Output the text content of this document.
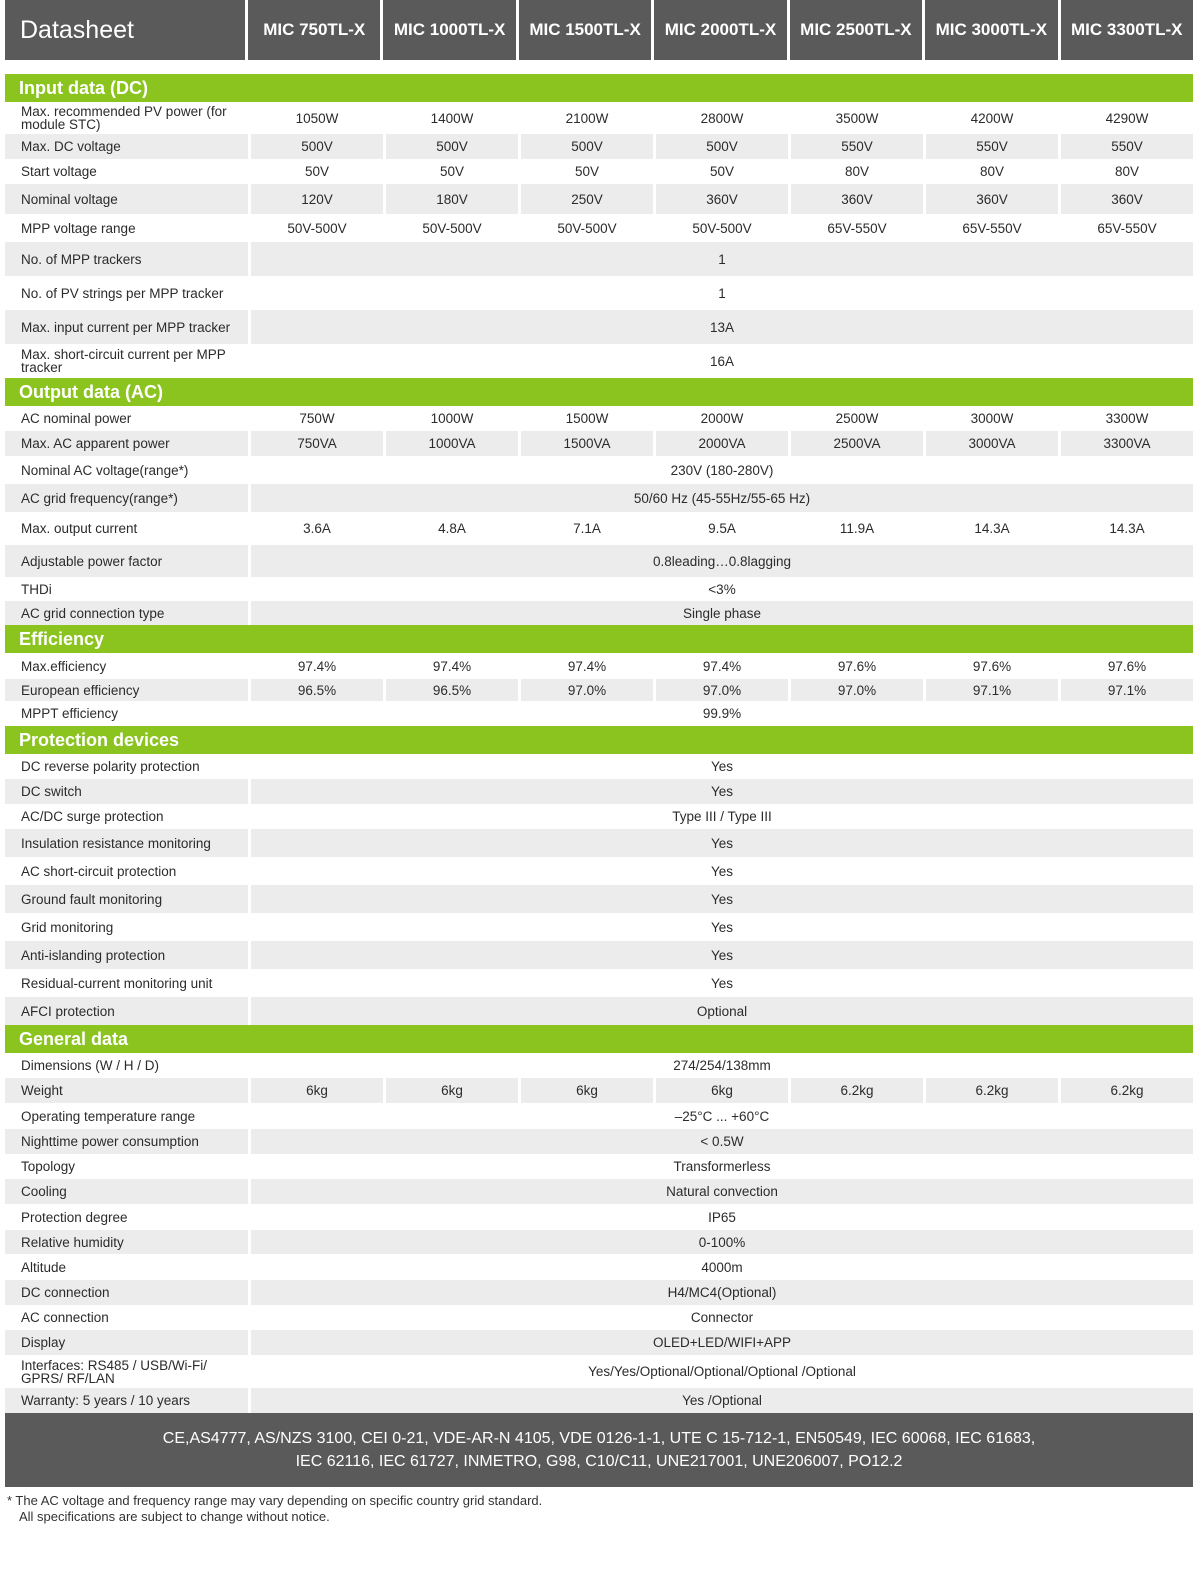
Datasheet	MIC 750TL-X	MIC 1000TL-X	MIC 1500TL-X	MIC 2000TL-X	MIC 2500TL-X	MIC 3000TL-X	MIC 3300TL-X
Input data (DC)
Max. recommended PV power (for module STC)	1050W	1400W	2100W	2800W	3500W	4200W	4290W
Max. DC voltage	500V	500V	500V	500V	550V	550V	550V
Start voltage	50V	50V	50V	50V	80V	80V	80V
Nominal voltage	120V	180V	250V	360V	360V	360V	360V
MPP voltage range	50V-500V	50V-500V	50V-500V	50V-500V	65V-550V	65V-550V	65V-550V
No. of MPP trackers	1
No. of PV strings per MPP tracker	1
Max. input current per MPP tracker	13A
Max. short-circuit current per MPP tracker	16A
Output data (AC)
AC nominal power	750W	1000W	1500W	2000W	2500W	3000W	3300W
Max. AC apparent power	750VA	1000VA	1500VA	2000VA	2500VA	3000VA	3300VA
Nominal AC voltage(range*)	230V (180-280V)
AC grid frequency(range*)	50/60 Hz (45-55Hz/55-65 Hz)
Max. output current	3.6A	4.8A	7.1A	9.5A	11.9A	14.3A	14.3A
Adjustable power factor	0.8leading…0.8lagging
THDi	<3%
AC grid connection type	Single phase
Efficiency
Max.efficiency	97.4%	97.4%	97.4%	97.4%	97.6%	97.6%	97.6%
European efficiency	96.5%	96.5%	97.0%	97.0%	97.0%	97.1%	97.1%
MPPT efficiency	99.9%
Protection devices
DC reverse polarity protection	Yes
DC switch	Yes
AC/DC surge protection	Type III / Type III
Insulation resistance monitoring	Yes
AC short-circuit protection	Yes
Ground fault monitoring	Yes
Grid monitoring	Yes
Anti-islanding protection	Yes
Residual-current monitoring unit	Yes
AFCI protection	Optional
General data
Dimensions (W / H / D)	274/254/138mm
Weight	6kg	6kg	6kg	6kg	6.2kg	6.2kg	6.2kg
Operating temperature range	–25°C ... +60°C
Nighttime power consumption	< 0.5W
Topology	Transformerless
Cooling	Natural convection
Protection degree	IP65
Relative humidity	0-100%
Altitude	4000m
DC connection	H4/MC4(Optional)
AC connection	Connector
Display	OLED+LED/WIFI+APP
Interfaces: RS485 / USB/Wi-Fi/ GPRS/ RF/LAN	Yes/Yes/Optional/Optional/Optional /Optional
Warranty: 5 years / 10 years	Yes /Optional
CE,AS4777, AS/NZS 3100, CEI 0-21, VDE-AR-N 4105, VDE 0126-1-1, UTE C 15-712-1, EN50549, IEC 60068, IEC 61683,
IEC 62116, IEC 61727, INMETRO, G98, C10/C11, UNE217001, UNE206007, PO12.2
* The AC voltage and frequency range may vary depending on specific country grid standard.
All specifications are subject to change without notice.
